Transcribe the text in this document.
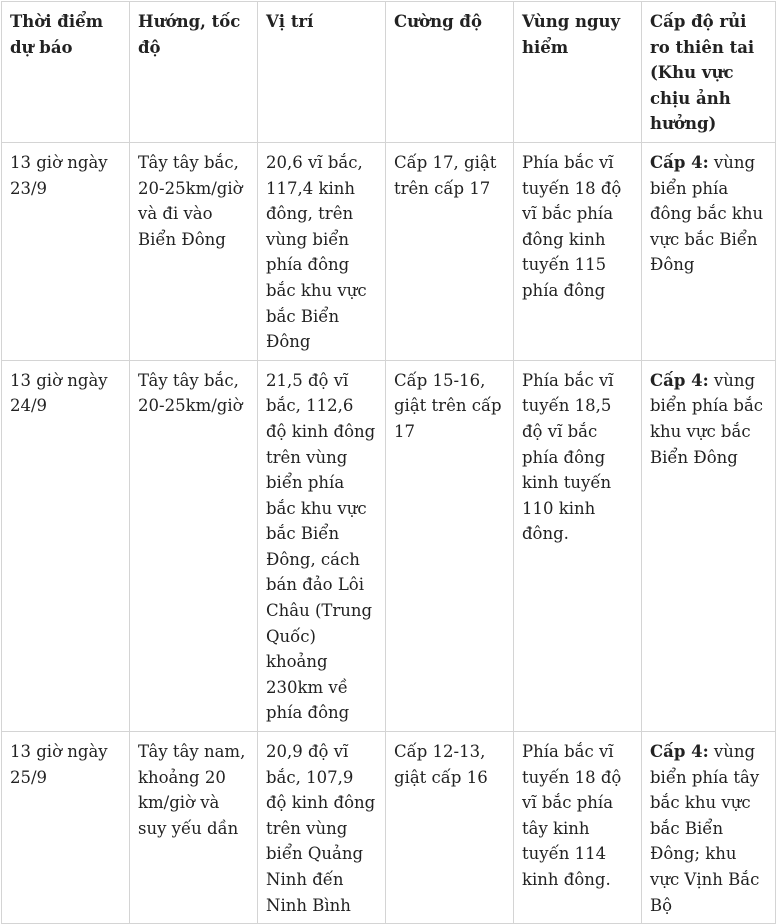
Thời điểm dự báo	Hướng, tốc độ	Vị trí	Cường độ	Vùng nguy hiểm	Cấp độ rủi ro thiên tai (Khu vực chịu ảnh hưởng)
13 giờ ngày 23/9	Tây tây bắc, 20-25km/giờ và đi vào Biển Đông	20,6 vĩ bắc, 117,4 kinh đông, trên vùng biển phía đông bắc khu vực bắc Biển Đông	Cấp 17, giật trên cấp 17	Phía bắc vĩ tuyến 18 độ vĩ bắc phía đông kinh tuyến 115 phía đông	Cấp 4: vùng biển phía đông bắc khu vực bắc Biển Đông
13 giờ ngày 24/9	Tây tây bắc, 20-25km/giờ	21,5 độ vĩ bắc, 112,6 độ kinh đông trên vùng biển phía bắc khu vực bắc Biển Đông, cách bán đảo Lôi Châu (Trung Quốc) khoảng 230km về phía đông	Cấp 15-16, giật trên cấp 17	Phía bắc vĩ tuyến 18,5 độ vĩ bắc phía đông kinh tuyến 110 kinh đông.	Cấp 4: vùng biển phía bắc khu vực bắc Biển Đông
13 giờ ngày 25/9	Tây tây nam, khoảng 20 km/giờ và suy yếu dần	20,9 độ vĩ bắc, 107,9 độ kinh đông trên vùng biển Quảng Ninh đến Ninh Bình	Cấp 12-13, giật cấp 16	Phía bắc vĩ tuyến 18 độ vĩ bắc phía tây kinh tuyến 114 kinh đông.	Cấp 4: vùng biển phía tây bắc khu vực bắc Biển Đông; khu vực Vịnh Bắc Bộ
